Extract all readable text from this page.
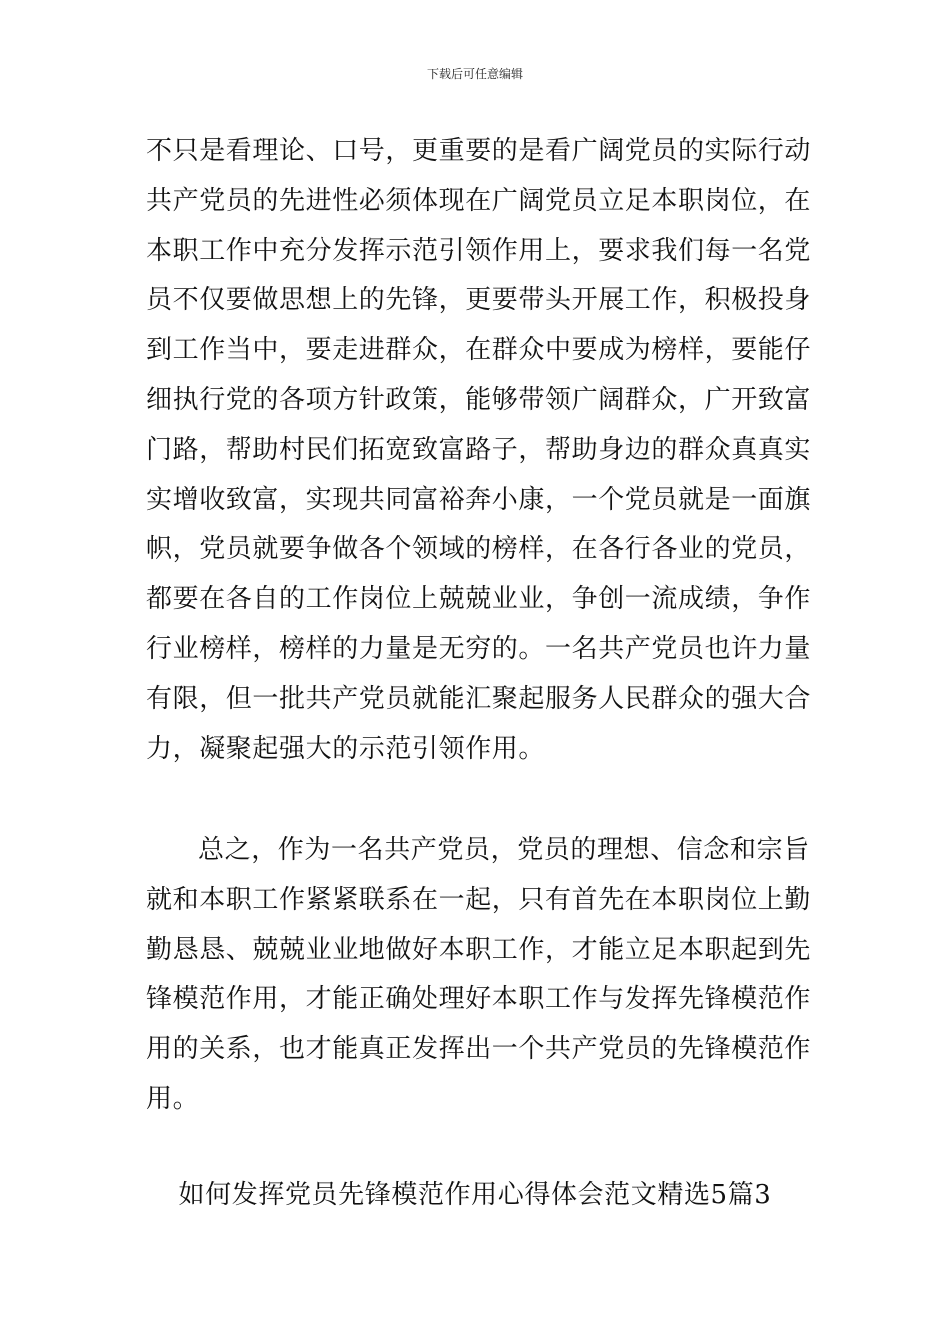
下载后可任意编辑
不只是看理论、口号，更重要的是看广阔党员的实际行动
共产党员的先进性必须体现在广阔党员立足本职岗位，在
本职工作中充分发挥示范引领作用上，要求我们每一名党
员不仅要做思想上的先锋，更要带头开展工作，积极投身
到工作当中，要走进群众，在群众中要成为榜样，要能仔
细执行党的各项方针政策，能够带领广阔群众，广开致富
门路，帮助村民们拓宽致富路子，帮助身边的群众真真实
实增收致富，实现共同富裕奔小康，一个党员就是一面旗
帜，党员就要争做各个领域的榜样，在各行各业的党员，
都要在各自的工作岗位上兢兢业业，争创一流成绩，争作
行业榜样，榜样的力量是无穷的。一名共产党员也许力量
有限，但一批共产党员就能汇聚起服务人民群众的强大合
力，凝聚起强大的示范引领作用。
总之，作为一名共产党员，党员的理想、信念和宗旨
就和本职工作紧紧联系在一起，只有首先在本职岗位上勤
勤恳恳、兢兢业业地做好本职工作，才能立足本职起到先
锋模范作用，才能正确处理好本职工作与发挥先锋模范作
用的关系，也才能真正发挥出一个共产党员的先锋模范作
用。
如何发挥党员先锋模范作用心得体会范文精选5篇3
